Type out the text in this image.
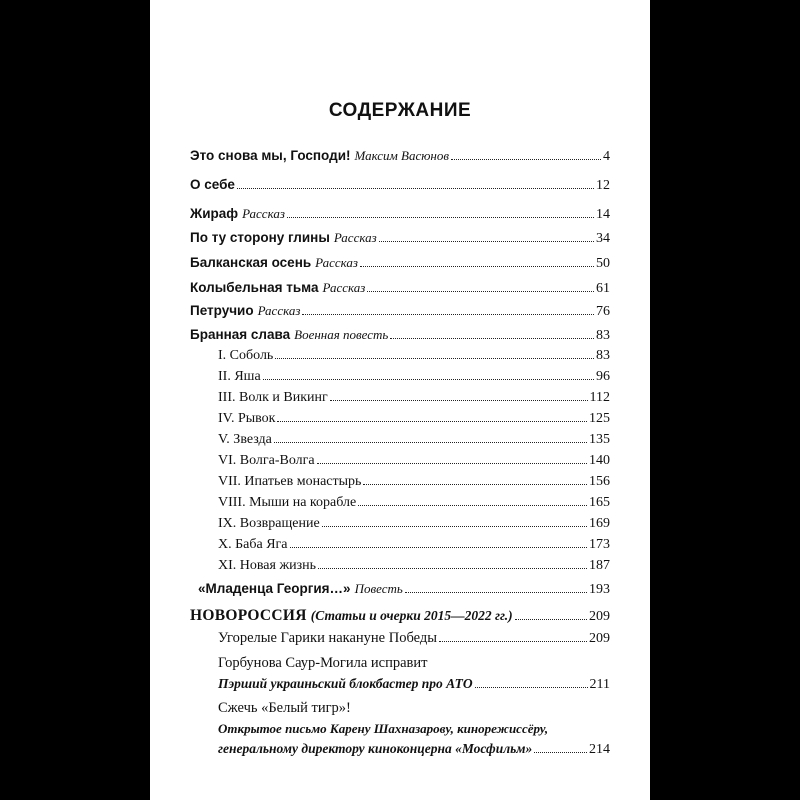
СОДЕРЖАНИЕ
Это снова мы, Господи! Максим Васюнов	4
О себе	12
Жираф Рассказ	14
По ту сторону глины Рассказ	34
Балканская осень Рассказ	50
Колыбельная тьма Рассказ	61
Петручио Рассказ	76
Бранная слава Военная повесть	83
I. Соболь	83
II. Яша	96
III. Волк и Викинг	112
IV. Рывок	125
V. Звезда	135
VI. Волга-Волга	140
VII. Ипатьев монастырь	156
VIII. Мыши на корабле	165
IX. Возвращение	169
X. Баба Яга	173
XI. Новая жизнь	187
«Младенца Георгия…» Повесть	193
НОВОРОССИЯ (Статьи и очерки 2015—2022 гг.)	209
Угорелые Гарики накануне Победы	209
Горбунова Саур-Могила исправит
Пэрший украиньский блокбастер про АТО	211
Сжечь «Белый тигр»!
Открытое письмо Карену Шахназарову, кинорежиссёру,
генеральному директору киноконцерна «Мосфильм»	214
